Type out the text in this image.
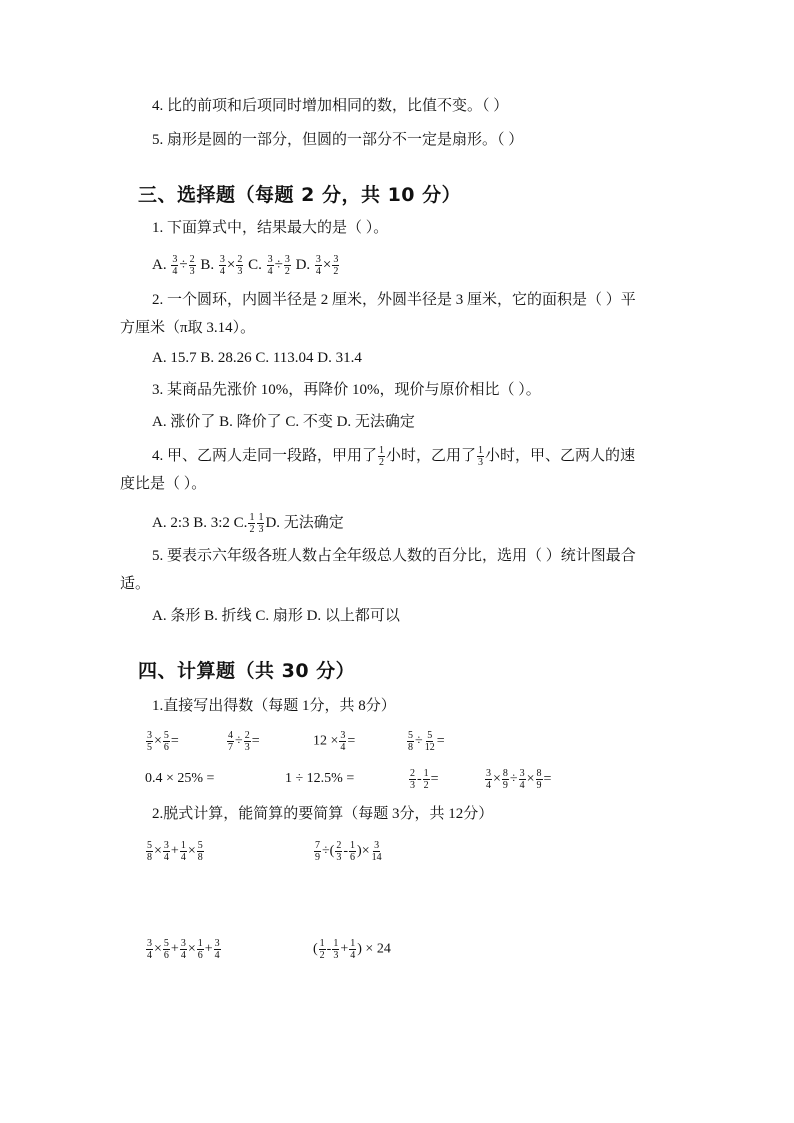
4. 比的前项和后项同时增加相同的数，比值不变。（ ）
5. 扇形是圆的一部分，但圆的一部分不一定是扇形。（ ）
三、选择题（每题 2 分，共 10 分）
1. 下面算式中，结果最大的是（ ）。
A. $\frac{3}{4} \div \frac{2}{3} B$. $\frac{3}{4} \times \frac{2}{3} C$. $\frac{3}{4} \div \frac{3}{2} D$. $\frac{3}{4} \times \frac{3}{2}$
2. 一个圆环，内圆半径是 2 厘米，外圆半径是 3 厘米，它的面积是（ ）平
方厘米（π取 3.14）。
A. 15.7 B. 28.26 C. 113.04 D. 31.4
3. 某商品先涨价 10%，再降价 10%，现价与原价相比（ ）。
A. 涨价了 B. 降价了 C. 不变 D. 无法确定
4. 甲、乙两人走同一段路，甲用了 $\frac{1}{2}$ 小时，乙用了 $\frac{1}{3}$ 小时，甲、乙两人的速
度比是（ ）。
A. 2:3 B. 3:2 C. $\frac{1}{2} \frac{1}{3} D$. 无法确定
5. 要表示六年级各班人数占全年级总人数的百分比，选用（ ）统计图最合
适。
A. 条形 B. 折线 C. 扇形 D. 以上都可以
四、计算题（共 30 分）
1.直接写出得数（每题 1分，共 8分）
$\frac{3}{5} \times \frac{5}{6}$ =	$\frac{4}{7} \div \frac{2}{3}$ =	$12 \times \frac{3}{4}$ =	$\frac{5}{8} \div \frac{5}{12}$ =
0.4 × 25% =	1 ÷ 12.5% =	$\frac{2}{3} - \frac{1}{2}$ =	$\frac{3}{4} \times \frac{8}{9} \div \frac{3}{4} \times \frac{8}{9}$ =
2.脱式计算，能简算的要简算（每题 3分，共 12分）
$\frac{5}{8} \times \frac{3}{4} + \frac{1}{4} \times \frac{5}{8}$	$\frac{7}{9}$ ÷( $\frac{2}{3} - \frac{1}{6}$ )× $\frac{3}{14}$
$\frac{3}{4} \times \frac{5}{6} + \frac{3}{4} \times \frac{1}{6} + \frac{3}{4}$	( $\frac{1}{2} - \frac{1}{3} + \frac{1}{4}$ ) × 24
